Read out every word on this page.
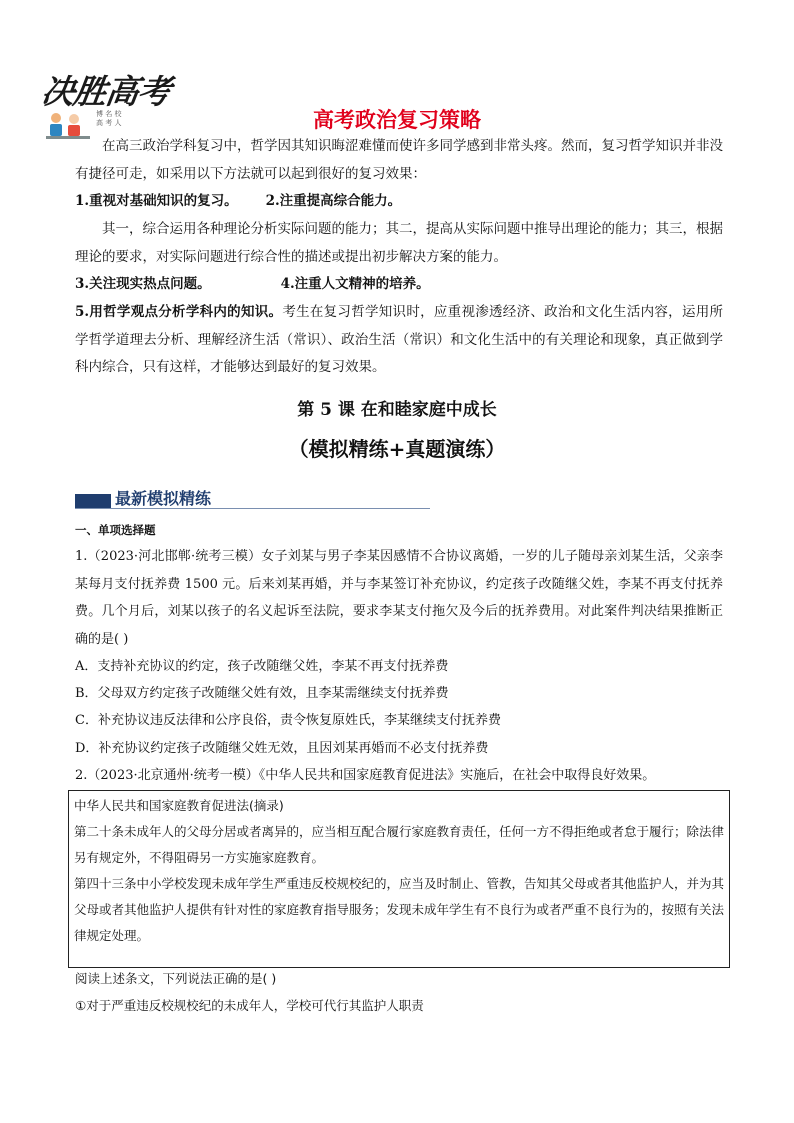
决胜高考
博 名 校
高 考 人	高考政治复习策略
在高三政治学科复习中，哲学因其知识晦涩难懂而使许多同学感到非常头疼。然而，复习哲学知识并非没有捷径可走，如采用以下方法就可以起到很好的复习效果：
1.重视对基础知识的复习。 2.注重提高综合能力。
其一，综合运用各种理论分析实际问题的能力；其二，提高从实际问题中推导出理论的能力；其三，根据理论的要求，对实际问题进行综合性的描述或提出初步解决方案的能力。
3.关注现实热点问题。	4.注重人文精神的培养。
5.用哲学观点分析学科内的知识。考生在复习哲学知识时，应重视渗透经济、政治和文化生活内容，运用所学哲学道理去分析、理解经济生活（常识）、政治生活（常识）和文化生活中的有关理论和现象，真正做到学科内综合，只有这样，才能够达到最好的复习效果。
第 5 课 在和睦家庭中成长
（模拟精练+真题演练）
最新模拟精练
一、单项选择题
1.（2023·河北邯郸·统考三模）女子刘某与男子李某因感情不合协议离婚，一岁的儿子随母亲刘某生活，父亲李某每月支付抚养费 1500 元。后来刘某再婚，并与李某签订补充协议，约定孩子改随继父姓，李某不再支付抚养费。几个月后，刘某以孩子的名义起诉至法院，要求李某支付拖欠及今后的抚养费用。对此案件判决结果推断正确的是( )
A．支持补充协议的约定，孩子改随继父姓，李某不再支付抚养费
B．父母双方约定孩子改随继父姓有效，且李某需继续支付抚养费
C．补充协议违反法律和公序良俗，责令恢复原姓氏，李某继续支付抚养费
D．补充协议约定孩子改随继父姓无效，且因刘某再婚而不必支付抚养费
2.（2023·北京通州·统考一模）《中华人民共和国家庭教育促进法》实施后，在社会中取得良好效果。
中华人民共和国家庭教育促进法(摘录)
第二十条未成年人的父母分居或者离异的，应当相互配合履行家庭教育责任，任何一方不得拒绝或者怠于履行；除法律另有规定外，不得阻碍另一方实施家庭教育。
第四十三条中小学校发现未成年学生严重违反校规校纪的，应当及时制止、管教，告知其父母或者其他监护人，并为其父母或者其他监护人提供有针对性的家庭教育指导服务；发现未成年学生有不良行为或者严重不良行为的，按照有关法律规定处理。
阅读上述条文，下列说法正确的是( )
①对于严重违反校规校纪的未成年人，学校可代行其监护人职责
